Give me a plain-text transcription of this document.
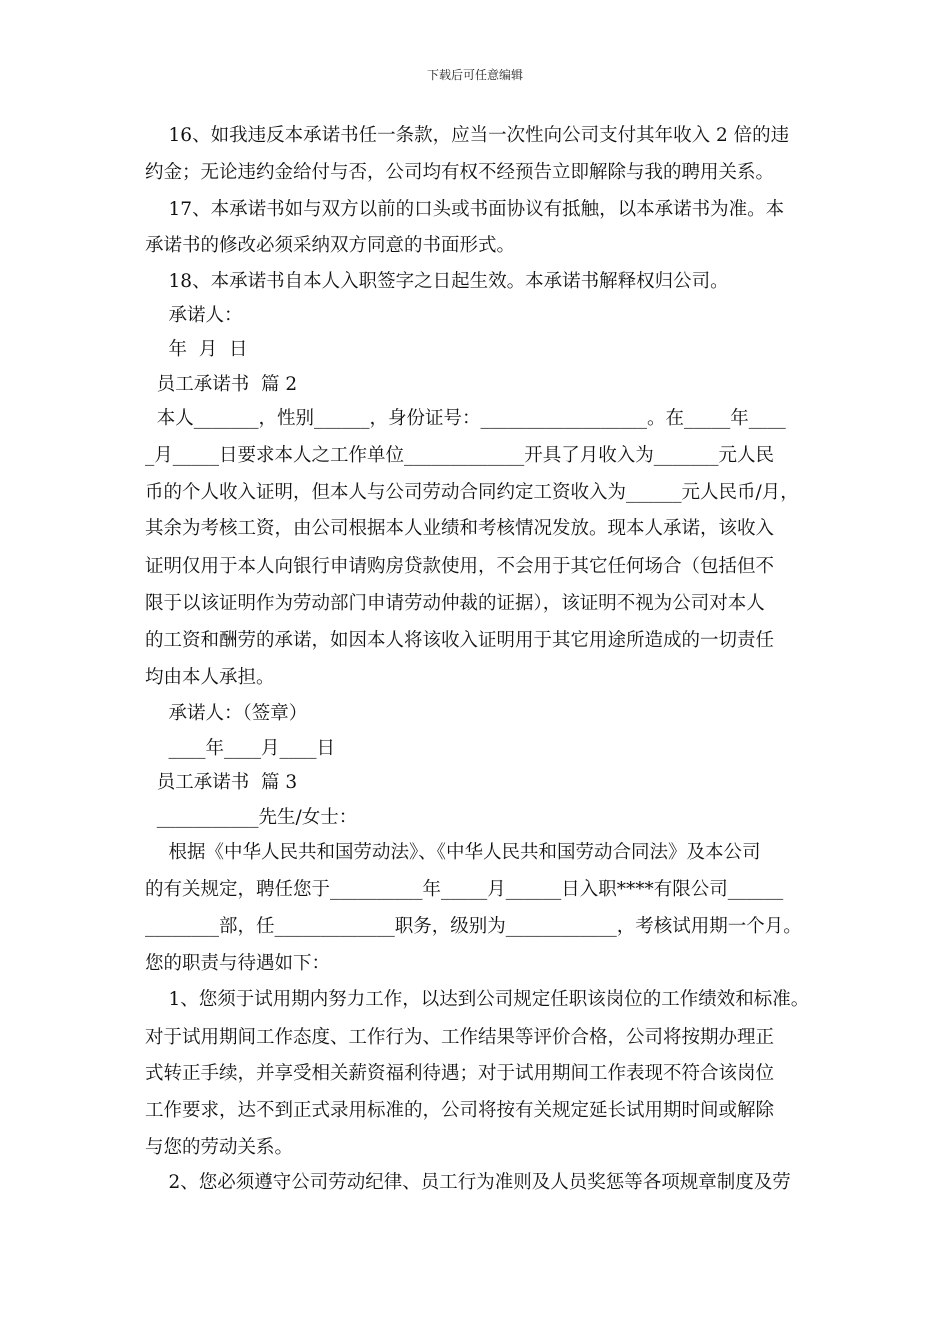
下载后可任意编辑
16、如我违反本承诺书任一条款，应当一次性向公司支付其年收入 2 倍的违
约金；无论违约金给付与否，公司均有权不经预告立即解除与我的聘用关系。
17、本承诺书如与双方以前的口头或书面协议有抵触，以本承诺书为准。本
承诺书的修改必须采纳双方同意的书面形式。
18、本承诺书自本人入职签字之日起生效。本承诺书解释权归公司。
承诺人：
年  月  日
员工承诺书  篇 2
本人_______，性别______，身份证号：__________________。在_____年____
_月_____日要求本人之工作单位_____________开具了月收入为_______元人民
币的个人收入证明，但本人与公司劳动合同约定工资收入为______元人民币/月，
其余为考核工资，由公司根据本人业绩和考核情况发放。现本人承诺，该收入
证明仅用于本人向银行申请购房贷款使用，不会用于其它任何场合（包括但不
限于以该证明作为劳动部门申请劳动仲裁的证据），该证明不视为公司对本人
的工资和酬劳的承诺，如因本人将该收入证明用于其它用途所造成的一切责任
均由本人承担。
承诺人：（签章）
____年____月____日
员工承诺书  篇 3
___________先生/女士：
根据《中华人民共和国劳动法》、《中华人民共和国劳动合同法》及本公司
的有关规定，聘任您于__________年_____月______日入职****有限公司______
________部，任_____________职务，级别为____________，考核试用期一个月。
您的职责与待遇如下：
1、您须于试用期内努力工作，以达到公司规定任职该岗位的工作绩效和标准。
对于试用期间工作态度、工作行为、工作结果等评价合格，公司将按期办理正
式转正手续，并享受相关薪资福利待遇；对于试用期间工作表现不符合该岗位
工作要求，达不到正式录用标准的，公司将按有关规定延长试用期时间或解除
与您的劳动关系。
2、您必须遵守公司劳动纪律、员工行为准则及人员奖惩等各项规章制度及劳
